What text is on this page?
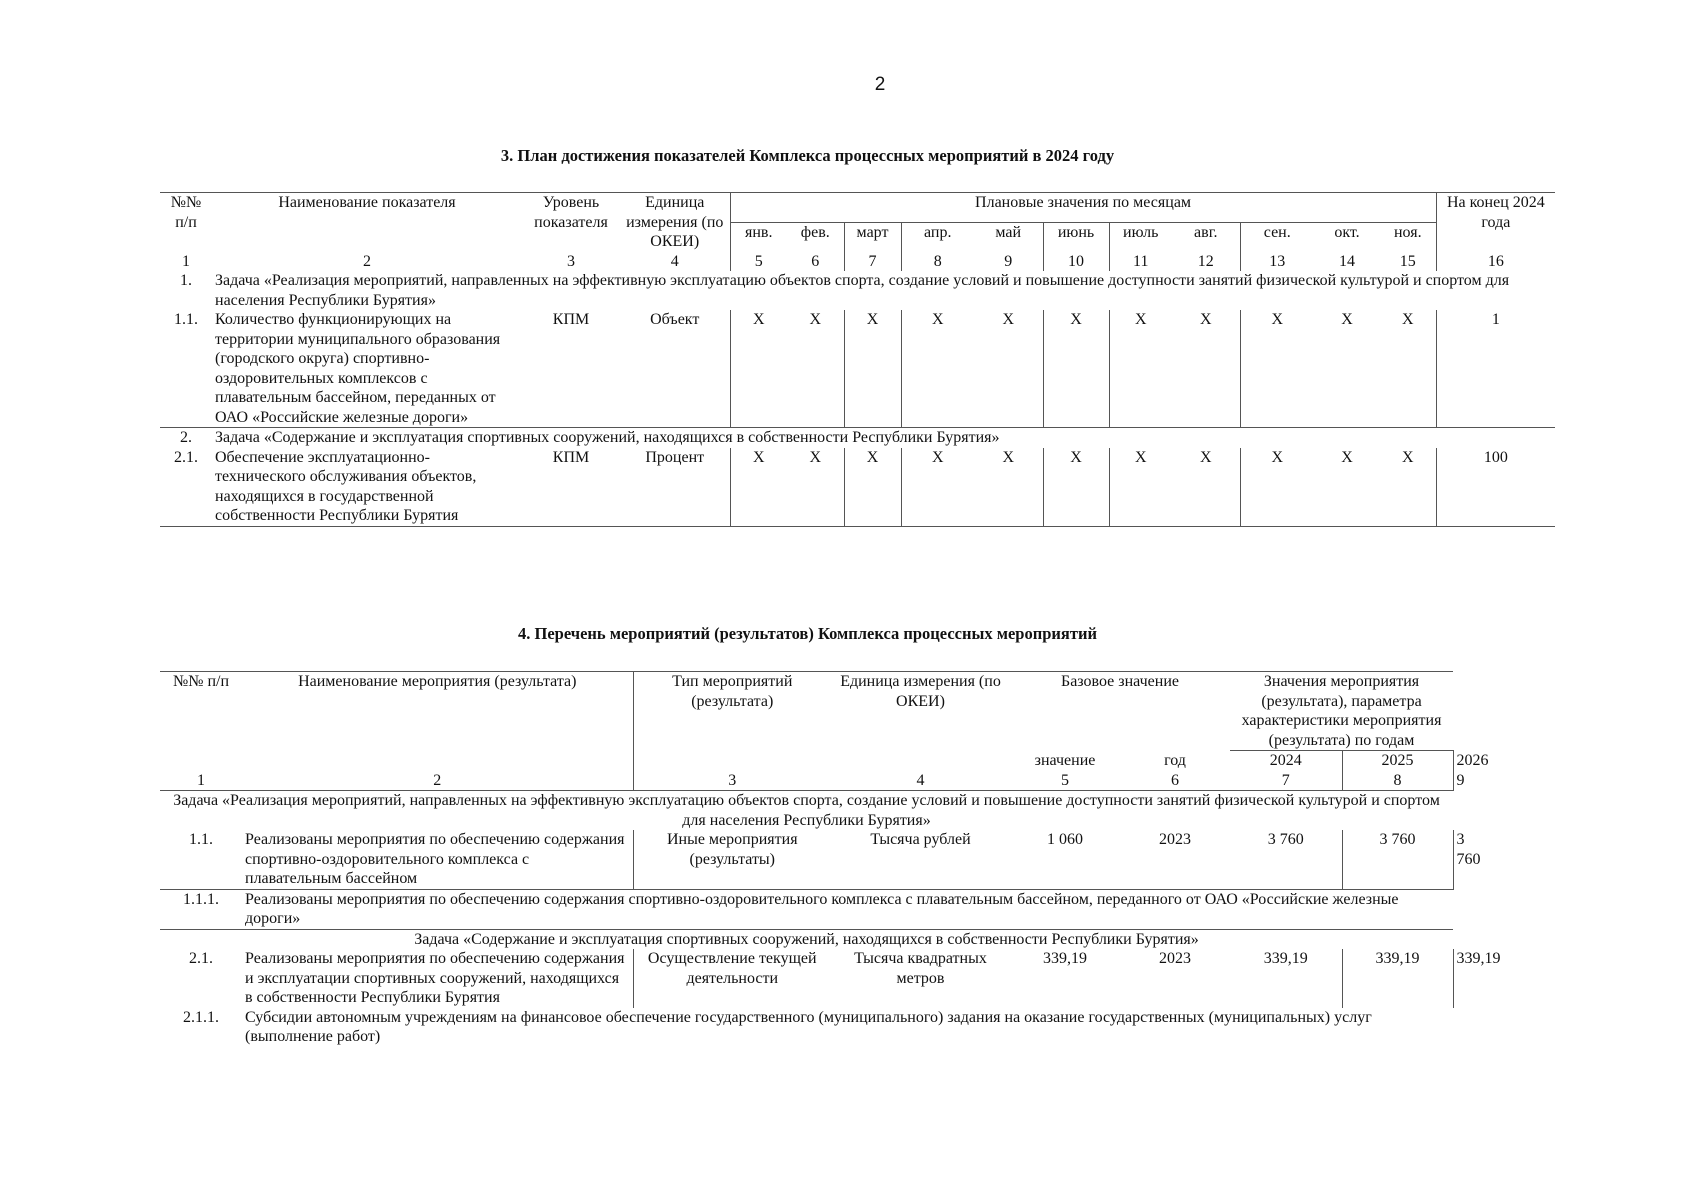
2
3. План достижения показателей Комплекса процессных мероприятий в 2024 году
№№ п/п	Наименование показателя	Уровень показателя	Единица измерения (по ОКЕИ)	Плановые значения по месяцам											На конец 2024 года
				янв.	фев.	март	апр.	май	июнь	июль	авг.	сен.	окт.	ноя.	
1	2	3	4	5	6	7	8	9	10	11	12	13	14	15	16
1.	Задача «Реализация мероприятий, направленных на эффективную эксплуатацию объектов спорта, создание условий и повышение доступности занятий физической культурой и спортом для населения Республики Бурятия»														
1.1.	Количество функционирующих на территории муниципального образования (городского округа) спортивно-оздоровительных комплексов с плавательным бассейном, переданных от ОАО «Российские железные дороги»	КПМ	Объект	X	X	X	X	X	X	X	X	X	X	X	1
2.	Задача «Содержание и эксплуатация спортивных сооружений, находящихся в собственности Республики Бурятия»														
2.1.	Обеспечение эксплуатационно-технического обслуживания объектов, находящихся в государственной собственности Республики Бурятия	КПМ	Процент	X	X	X	X	X	X	X	X	X	X	X	100
4. Перечень мероприятий (результатов) Комплекса процессных мероприятий
№№ п/п	Наименование мероприятия (результата)	Тип мероприятий (результата)	Единица измерения (по ОКЕИ)	Базовое значение		Значения мероприятия (результата), параметра характеристики мероприятия (результата) по годам		
				значение	год	2024	2025	2026
1	2	3	4	5	6	7	8	9
Задача «Реализация мероприятий, направленных на эффективную эксплуатацию объектов спорта, создание условий и повышение доступности занятий физической культурой и спортом для населения Республики Бурятия»								
1.1.	Реализованы мероприятия по обеспечению содержания спортивно-оздоровительного комплекса с плавательным бассейном	Иные мероприятия (результаты)	Тысяча рублей	1 060	2023	3 760	3 760	3 760
1.1.1.	Реализованы мероприятия по обеспечению содержания спортивно-оздоровительного комплекса с плавательным бассейном, переданного от ОАО «Российские железные дороги»							
Задача «Содержание и эксплуатация спортивных сооружений, находящихся в собственности Республики Бурятия»								
2.1.	Реализованы мероприятия по обеспечению содержания и эксплуатации спортивных сооружений, находящихся в собственности Республики Бурятия	Осуществление текущей деятельности	Тысяча квадратных метров	339,19	2023	339,19	339,19	339,19
2.1.1.	Субсидии автономным учреждениям на финансовое обеспечение государственного (муниципального) задания на оказание государственных (муниципальных) услуг (выполнение работ)							
